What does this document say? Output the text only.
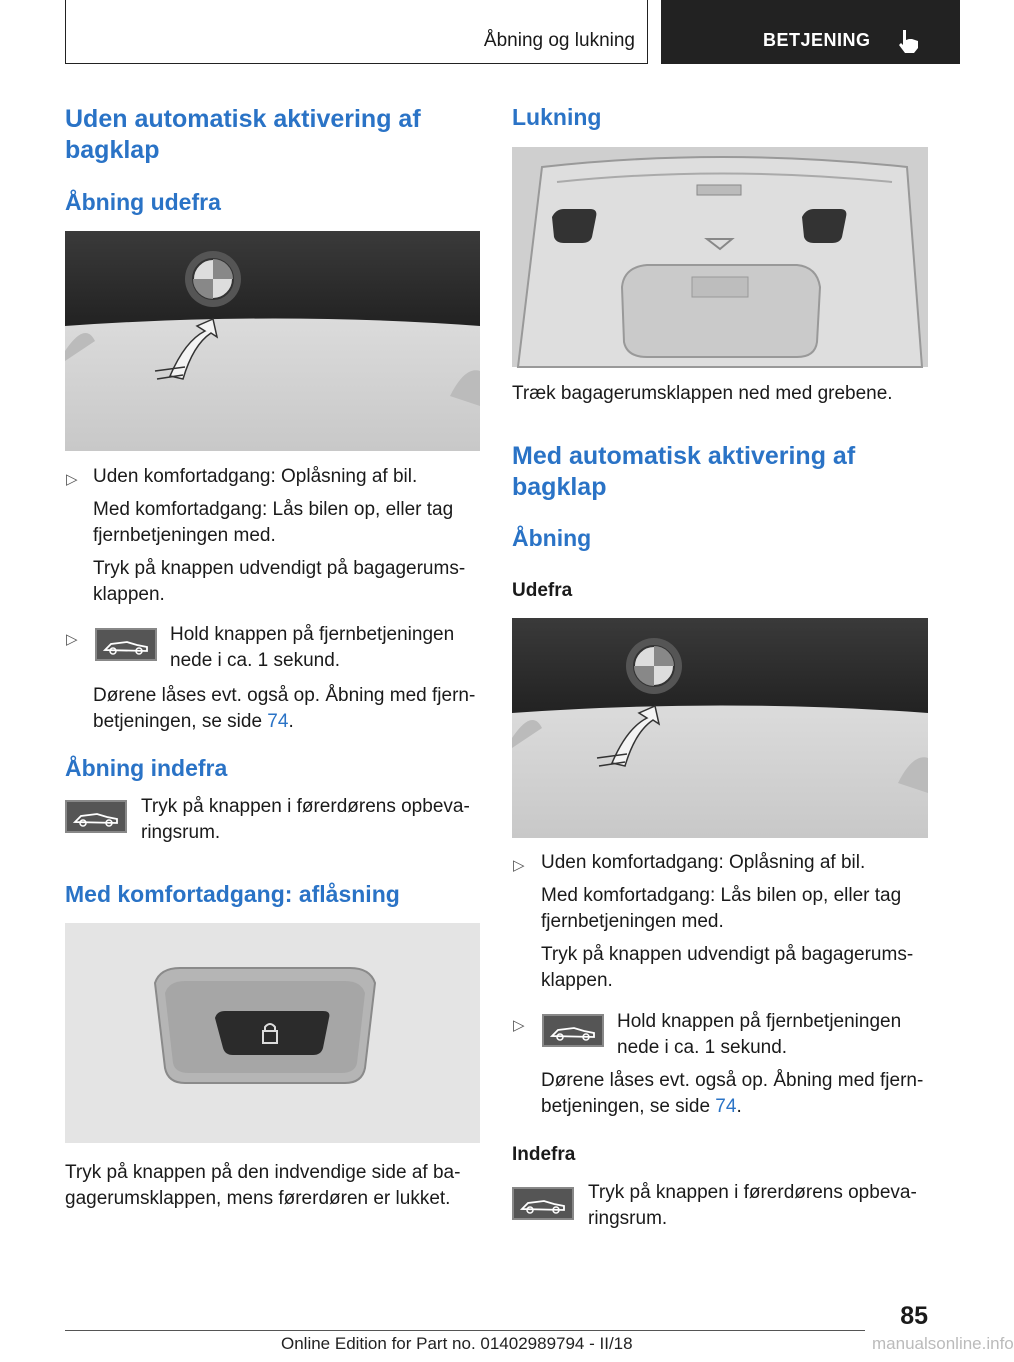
Åbning og lukning	BETJENING
Uden automatisk aktivering af bagklap
Åbning udefra
▷ Uden komfortadgang: Oplåsning af bil.

Med komfortadgang: Lås bilen op, eller tag fjernbetjeningen med.

Tryk på knappen udvendigt på bagagerums-klappen.

▷	Hold knappen på fjernbetjeningen nede i ca. 1 sekund.

Dørene låses evt. også op. Åbning med fjern-betjeningen, se side 74.

Åbning indefra

Tryk på knappen i førerdørens opbeva-ringsrum.

Med komfortadgang: aflåsning

Tryk på knappen på den indvendige side af ba-gagerumsklappen, mens førerdøren er lukket.

Lukning

Træk bagagerumsklappen ned med grebene.

Med automatisk aktivering af bagklap
Åbning
Udefra
▷ Uden komfortadgang: Oplåsning af bil.

Med komfortadgang: Lås bilen op, eller tag fjernbetjeningen med.

Tryk på knappen udvendigt på bagagerums-klappen.

▷	Hold knappen på fjernbetjeningen nede i ca. 1 sekund.

Dørene låses evt. også op. Åbning med fjern-betjeningen, se side 74.

Indefra

Tryk på knappen i førerdørens opbeva-ringsrum.

85
Online Edition for Part no. 01402989794 - II/18	manualsonline.info
